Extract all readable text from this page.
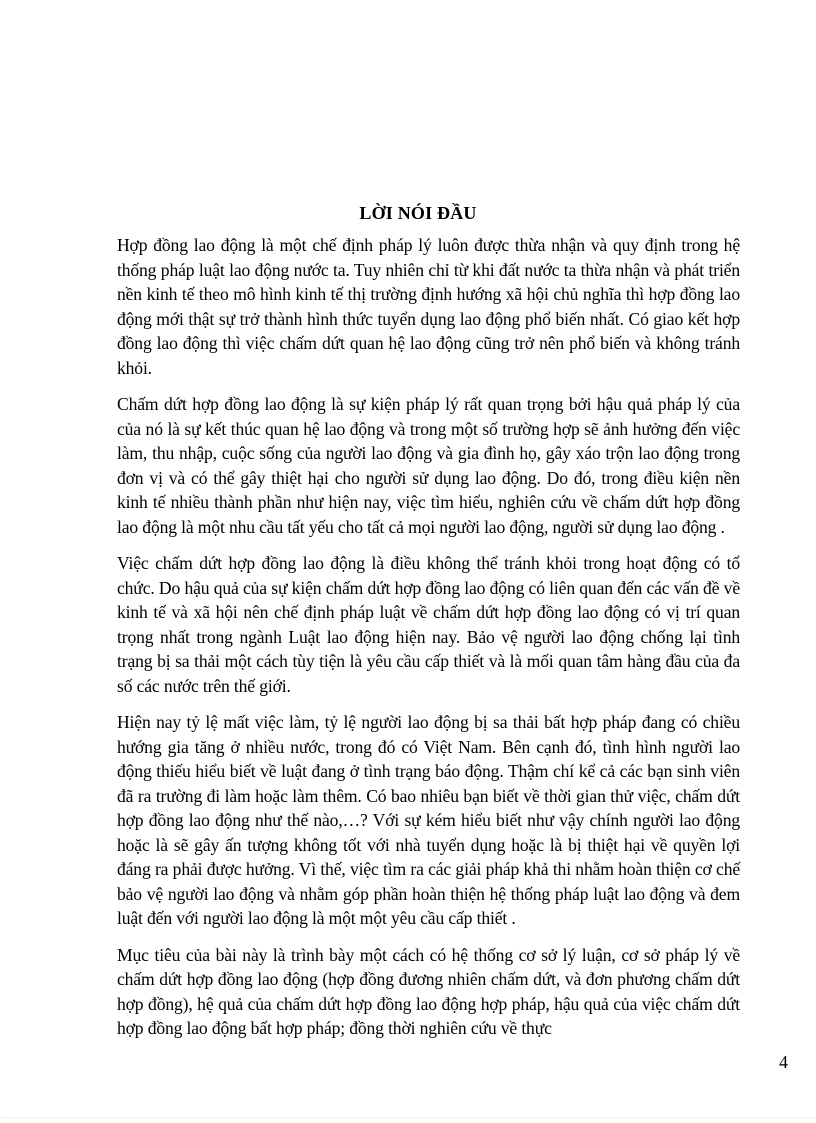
LỜI NÓI ĐẦU

Hợp đồng lao động là một chế định pháp lý luôn được thừa nhận và quy định trong hệ thống pháp luật lao động nước ta. Tuy nhiên chỉ từ khi đất nước ta thừa nhận và phát triển nền kinh tế theo mô hình kinh tế thị trường định hướng xã hội chủ nghĩa thì hợp đồng lao động mới thật sự trở thành hình thức tuyển dụng lao động phổ biến nhất. Có giao kết hợp đồng lao động thì việc chấm dứt quan hệ lao động cũng trở nên phổ biến và không tránh khỏi.

Chấm dứt hợp đồng lao động là sự kiện pháp lý rất quan trọng bởi hậu quả pháp lý của của nó là sự kết thúc quan hệ lao động và trong một số trường hợp sẽ ảnh hưởng đến việc làm, thu nhập, cuộc sống của người lao động và gia đình họ, gây xáo trộn lao động trong đơn vị và có thể gây thiệt hại cho người sử dụng lao động. Do đó, trong điều kiện nền kinh tế nhiều thành phần như hiện nay, việc tìm hiểu, nghiên cứu về chấm dứt hợp đồng lao động là một nhu cầu tất yếu cho tất cả mọi người lao động, người sử dụng lao động .

Việc chấm dứt hợp đồng lao động là điều không thể tránh khỏi trong hoạt động có tổ chức. Do hậu quả của sự kiện chấm dứt hợp đồng lao động có liên quan đến các vấn đề về kinh tế và xã hội nên chế định pháp luật về chấm dứt hợp đồng lao động có vị trí quan trọng nhất trong ngành Luật lao động hiện nay. Bảo vệ người lao động chống lại tình trạng bị sa thải một cách tùy tiện là yêu cầu cấp thiết và là mối quan tâm hàng đầu của đa số các nước trên thế giới.

Hiện nay tỷ lệ mất việc làm, tỷ lệ người lao động bị sa thải bất hợp pháp đang có chiều hướng gia tăng ở nhiều nước, trong đó có Việt Nam. Bên cạnh đó, tình hình người lao động thiếu hiểu biết về luật đang ở tình trạng báo động. Thậm chí kể cả các bạn sinh viên đã ra trường đi làm hoặc làm thêm. Có bao nhiêu bạn biết về thời gian thử việc, chấm dứt hợp đồng lao động như thế nào,…? Với sự kém hiểu biết như vậy chính người lao động hoặc là sẽ gây ấn tượng không tốt với nhà tuyển dụng hoặc là bị thiệt hại về quyền lợi đáng ra phải được hưởng. Vì thế, việc tìm ra các giải pháp khả thi nhằm hoàn thiện cơ chế bảo vệ người lao động và nhằm góp phần hoàn thiện hệ thống pháp luật lao động và đem luật đến với người lao động là một một yêu cầu cấp thiết .

Mục tiêu của bài này là trình bày một cách có hệ thống cơ sở lý luận, cơ sở pháp lý về chấm dứt hợp đồng lao động (hợp đồng đương nhiên chấm dứt, và đơn phương chấm dứt hợp đồng), hệ quả của chấm dứt hợp đồng lao động hợp pháp, hậu quả của việc chấm dứt hợp đồng lao động bất hợp pháp; đồng thời nghiên cứu về thực

4
